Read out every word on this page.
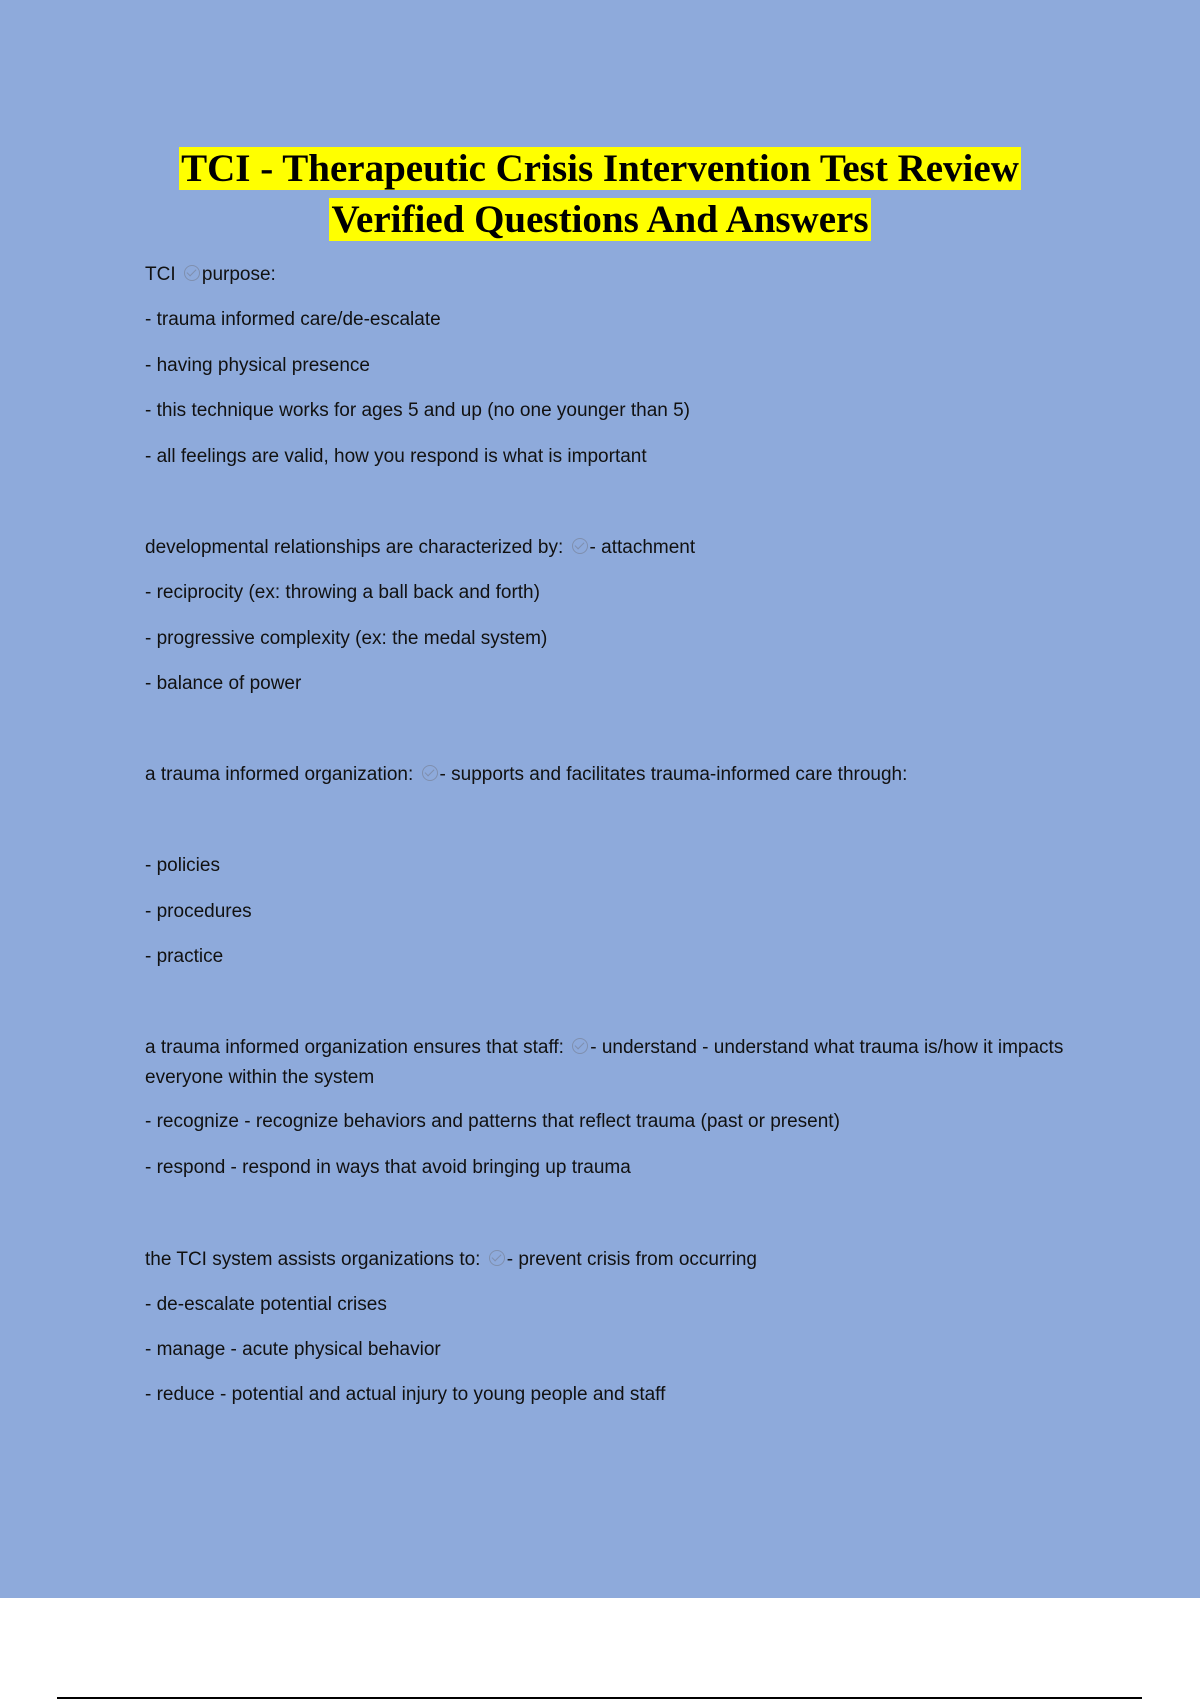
TCI - Therapeutic Crisis Intervention Test Review
Verified Questions And Answers
TCI purpose:
- trauma informed care/de-escalate
- having physical presence
- this technique works for ages 5 and up (no one younger than 5)
- all feelings are valid, how you respond is what is important
developmental relationships are characterized by: - attachment
- reciprocity (ex: throwing a ball back and forth)
- progressive complexity (ex: the medal system)
- balance of power
a trauma informed organization: - supports and facilitates trauma-informed care through:
- policies
- procedures
- practice
a trauma informed organization ensures that staff: - understand - understand what trauma is/how it impacts everyone within the system
- recognize - recognize behaviors and patterns that reflect trauma (past or present)
- respond - respond in ways that avoid bringing up trauma
the TCI system assists organizations to: - prevent crisis from occurring
- de-escalate potential crises
- manage - acute physical behavior
- reduce - potential and actual injury to young people and staff
